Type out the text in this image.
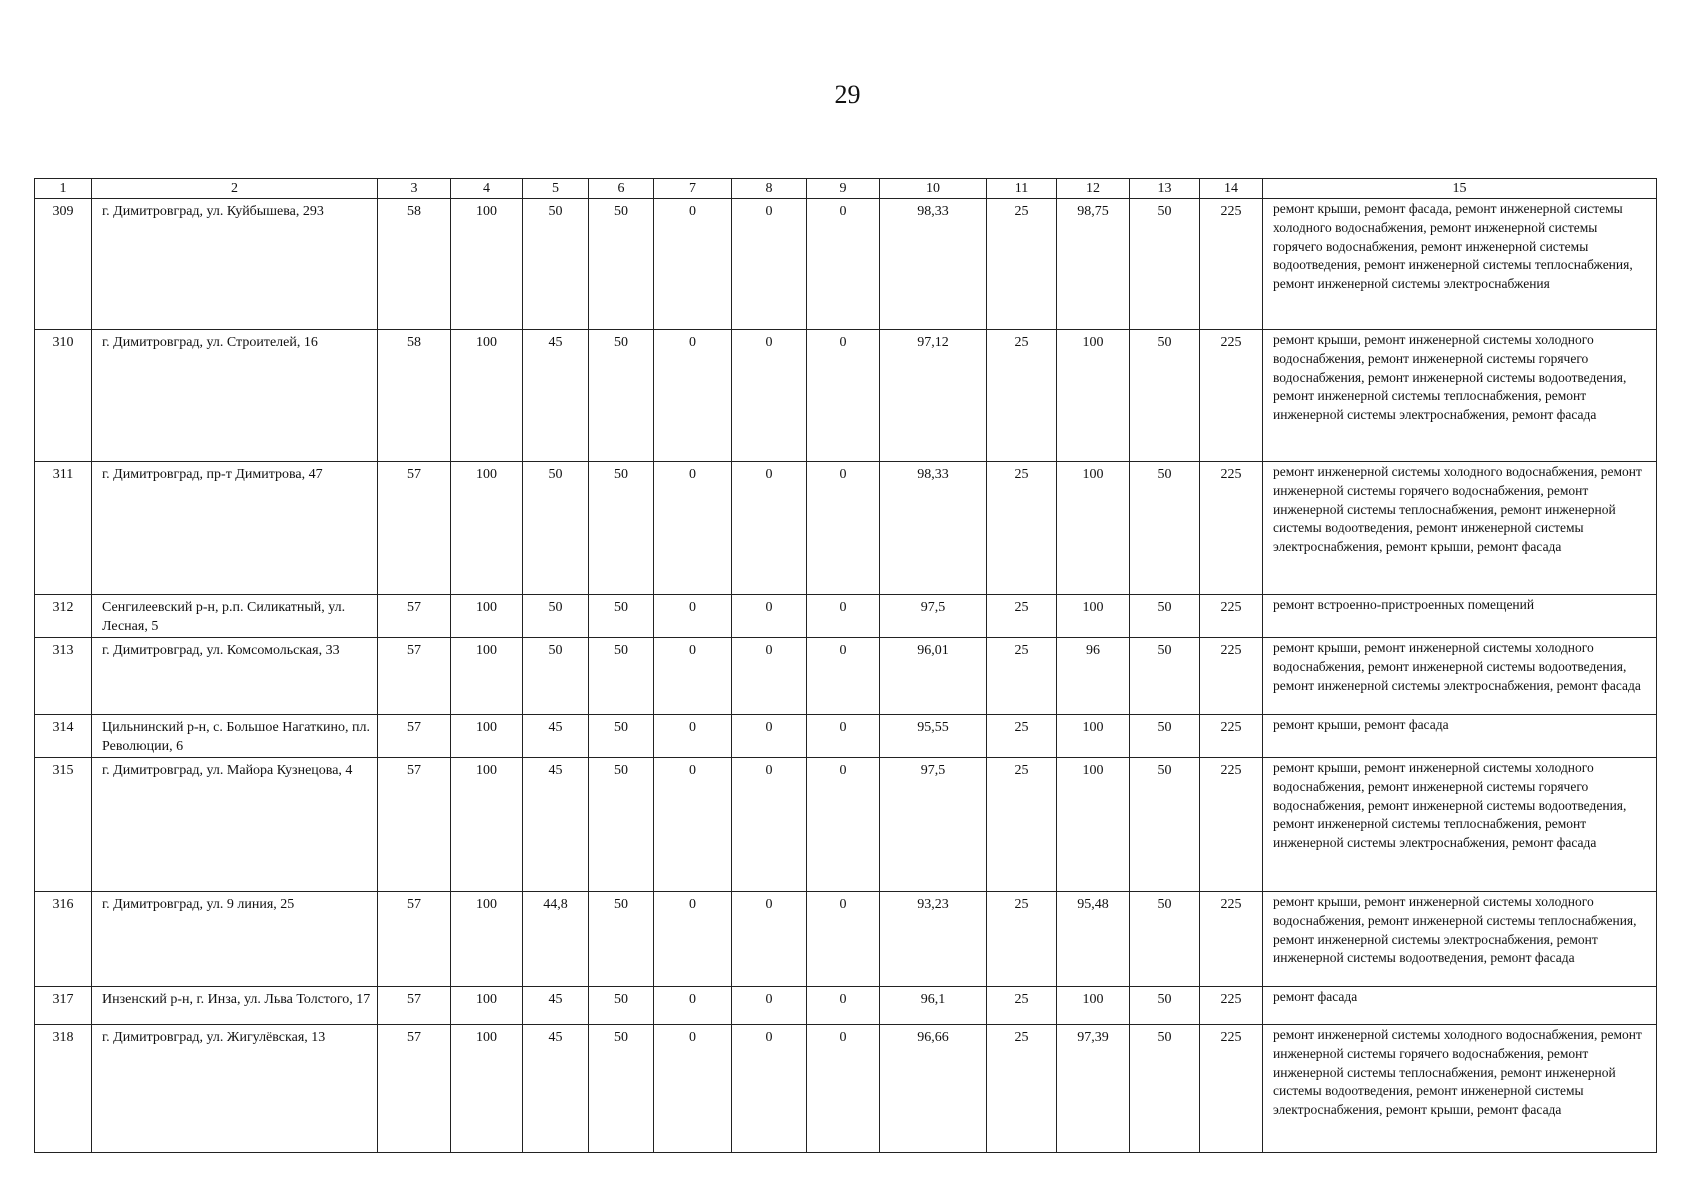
29
1	2	3	4	5	6	7	8	9	10	11	12	13	14	15
309	г. Димитровград, ул. Куйбышева, 293	58	100	50	50	0	0	0	98,33	25	98,75	50	225	ремонт крыши, ремонт фасада, ремонт инженерной системы холодного водоснабжения, ремонт инженерной системы горячего водоснабжения, ремонт инженерной системы водоотведения, ремонт инженерной системы теплоснабжения, ремонт инженерной системы электроснабжения
310	г. Димитровград, ул. Строителей, 16	58	100	45	50	0	0	0	97,12	25	100	50	225	ремонт крыши, ремонт инженерной системы холодного водоснабжения, ремонт инженерной системы горячего водоснабжения, ремонт инженерной системы водоотведения, ремонт инженерной системы теплоснабжения, ремонт инженерной системы электроснабжения, ремонт фасада
311	г. Димитровград, пр-т Димитрова, 47	57	100	50	50	0	0	0	98,33	25	100	50	225	ремонт инженерной системы холодного водоснабжения, ремонт инженерной системы горячего водоснабжения, ремонт инженерной системы теплоснабжения, ремонт инженерной системы водоотведения, ремонт инженерной системы электроснабжения, ремонт крыши, ремонт фасада
312	Сенгилеевский р-н, р.п. Силикатный, ул. Лесная, 5	57	100	50	50	0	0	0	97,5	25	100	50	225	ремонт встроенно-пристроенных помещений
313	г. Димитровград, ул. Комсомольская, 33	57	100	50	50	0	0	0	96,01	25	96	50	225	ремонт крыши, ремонт инженерной системы холодного водоснабжения, ремонт инженерной системы водоотведения, ремонт инженерной системы электроснабжения, ремонт фасада
314	Цильнинский р-н, с. Большое Нагаткино, пл. Революции, 6	57	100	45	50	0	0	0	95,55	25	100	50	225	ремонт крыши, ремонт фасада
315	г. Димитровград, ул. Майора Кузнецова, 4	57	100	45	50	0	0	0	97,5	25	100	50	225	ремонт крыши, ремонт инженерной системы холодного водоснабжения, ремонт инженерной системы горячего водоснабжения, ремонт инженерной системы водоотведения, ремонт инженерной системы теплоснабжения, ремонт инженерной системы электроснабжения, ремонт фасада
316	г. Димитровград, ул. 9 линия, 25	57	100	44,8	50	0	0	0	93,23	25	95,48	50	225	ремонт крыши, ремонт инженерной системы холодного водоснабжения, ремонт инженерной системы теплоснабжения, ремонт инженерной системы электроснабжения, ремонт инженерной системы водоотведения, ремонт фасада
317	Инзенский р-н, г. Инза, ул. Льва Толстого, 17	57	100	45	50	0	0	0	96,1	25	100	50	225	ремонт фасада
318	г. Димитровград, ул. Жигулёвская, 13	57	100	45	50	0	0	0	96,66	25	97,39	50	225	ремонт инженерной системы холодного водоснабжения, ремонт инженерной системы горячего водоснабжения, ремонт инженерной системы теплоснабжения, ремонт инженерной системы водоотведения, ремонт инженерной системы электроснабжения, ремонт крыши, ремонт фасада
